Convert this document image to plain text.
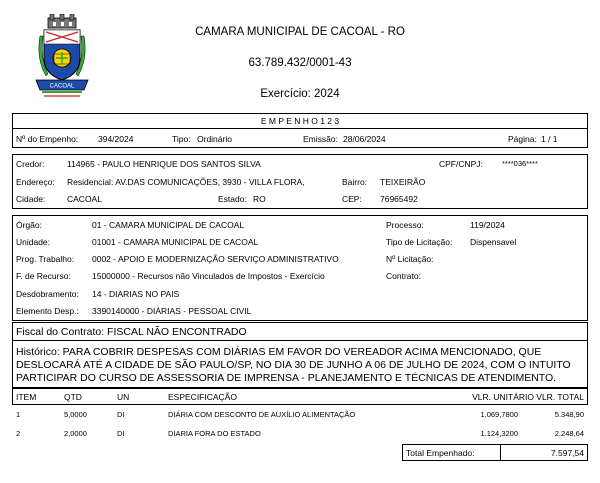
CACOAL
CAMARA MUNICIPAL DE CACOAL - RO
63.789.432/0001-43
Exercício: 2024
E M P E N H O 1 2 3
Nº do Empenho: 394/2024	Tipo: Ordinário	Emissão: 28/06/2024	Página: 1 / 1
Credor:	114965 - PAULO HENRIQUE DOS SANTOS SILVA	CPF/CNPJ:	****036****
Endereço: Residencial: AV.DAS COMUNICAÇÕES, 3930 - VILLA FLORA,	Bairro: TEIXEIRÃO
Cidade:	CACOAL	Estado: RO	CEP: 76965492
Órgão:	01 - CAMARA MUNICIPAL DE CACOAL	Processo:	119/2024
Unidade:	01001 - CAMARA MUNICIPAL DE CACOAL	Tipo de Licitação: Dispensavel
Prog. Trabalho: 0002 - APOIO E MODERNIZAÇÃO SERVIÇO ADMINISTRATIVO	Nº Licitação:
F. de Recurso: 15000000 - Recursos não Vinculados de Impostos - Exercício	Contrato:
Desdobramento: 14 - DIARIAS NO PAIS
Elemento Desp.: 3390140000 - DIÁRIAS - PESSOAL CIVIL
Fiscal do Contrato: FISCAL NÃO ENCONTRADO
Histórico: PARA COBRIR DESPESAS COM DIÁRIAS EM FAVOR DO VEREADOR ACIMA MENCIONADO, QUE
DESLOCARÁ ATÉ A CIDADE DE SÃO PAULO/SP, NO DIA 30 DE JUNHO A 06 DE JULHO DE 2024, COM O INTUITO
PARTICIPAR DO CURSO DE ASSESSORIA DE IMPRENSA - PLANEJAMENTO E TÉCNICAS DE ATENDIMENTO.
ITEM	QTD	UN	ESPECIFICAÇÃO	VLR. UNITÁRIO VLR. TOTAL
1	5,0000	DI	DIÁRIA COM DESCONTO DE AUXÍLIO ALIMENTAÇÃO	1.069,7800	5.348,90
2	2,0000	DI	DIARIA FORA DO ESTADO	1.124,3200	2.248,64
Total Empenhado:	7.597,54
